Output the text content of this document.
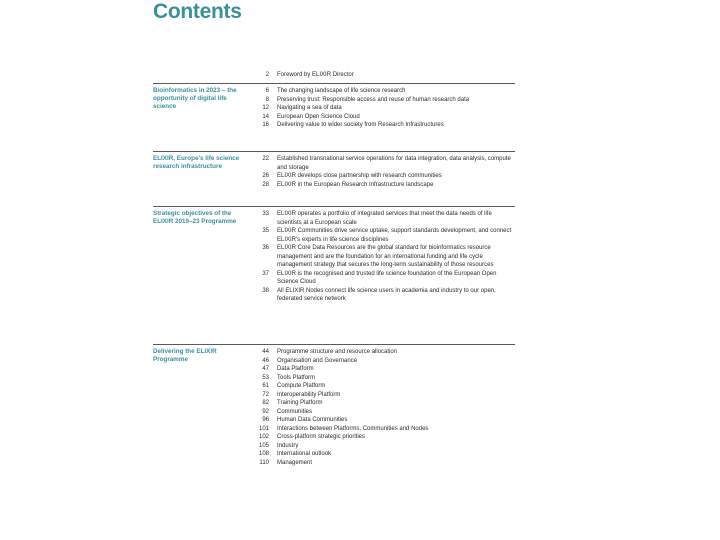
Contents
2 Foreword by ELIXIR Director
Bioinformatics in 2023 – the opportunity of digital life science
6 The changing landscape of life science research
8 Preserving trust: Responsible access and reuse of human research data
12 Navigating a sea of data
14 European Open Science Cloud
16 Delivering value to wider society from Research Infrastructures
ELIXIR, Europe's life science research infrastructure
22 Established transnational service operations for data integration, data analysis, compute and storage
26 ELIXIR develops close partnership with research communities
28 ELIXIR in the European Research Infrastructure landscape
Strategic objectives of the ELIXIR 2019–23 Programme
33 ELIXIR operates a portfolio of integrated services that meet the data needs of life scientists at a European scale
35 ELIXIR Communities drive service uptake, support standards development, and connect ELIXIR's experts in life science disciplines
36 ELIXIR Core Data Resources are the global standard for bioinformatics resource management and are the foundation for an international funding and life cycle management strategy that secures the long-term sustainability of those resources
37 ELIXIR is the recognised and trusted life science foundation of the European Open Science Cloud
38 All ELIXIR Nodes connect life science users in academia and industry to our open, federated service network
Delivering the ELIXIR Programme
44 Programme structure and resource allocation
46 Organisation and Governance
47 Data Platform
53 Tools Platform
61 Compute Platform
72 Interoperability Platform
82 Training Platform
92 Communities
96 Human Data Communities
101 Interactions between Platforms, Communities and Nodes
102 Cross-platform strategic priorities
105 Industry
108 International outlook
110 Management
